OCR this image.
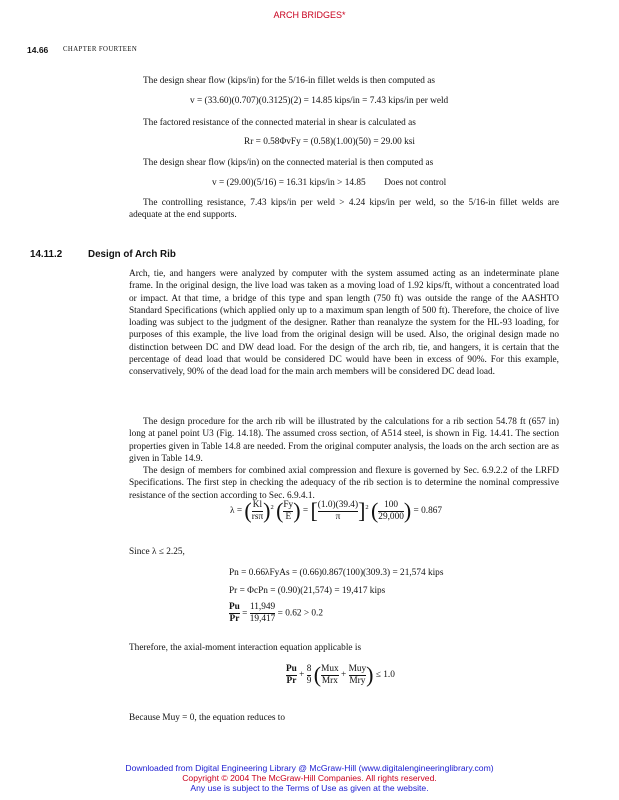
ARCH BRIDGES*
14.66 CHAPTER FOURTEEN
The design shear flow (kips/in) for the 5/16-in fillet welds is then computed as
v = (33.60)(0.707)(0.3125)(2) = 14.85 kips/in = 7.43 kips/in per weld
The factored resistance of the connected material in shear is calculated as
Rr = 0.58ΦvFy = (0.58)(1.00)(50) = 29.00 ksi
The design shear flow (kips/in) on the connected material is then computed as
v = (29.00)(5/16) = 16.31 kips/in > 14.85        Does not control
The controlling resistance, 7.43 kips/in per weld > 4.24 kips/in per weld, so the 5/16-in fillet welds are adequate at the end supports.
14.11.2	Design of Arch Rib
Arch, tie, and hangers were analyzed by computer with the system assumed acting as an indeterminate plane frame. In the original design, the live load was taken as a moving load of 1.92 kips/ft, without a concentrated load or impact. At that time, a bridge of this type and span length (750 ft) was outside the range of the AASHTO Standard Specifications (which applied only up to a maximum span length of 500 ft). Therefore, the choice of live loading was subject to the judgment of the designer. Rather than reanalyze the system for the HL-93 loading, for purposes of this example, the live load from the original design will be used. Also, the original design made no distinction between DC and DW dead load. For the design of the arch rib, tie, and hangers, it is certain that the percentage of dead load that would be considered DC would have been in excess of 90%. For this example, conservatively, 90% of the dead load for the main arch members will be considered DC dead load.
The design procedure for the arch rib will be illustrated by the calculations for a rib section 54.78 ft (657 in) long at panel point U3 (Fig. 14.18). The assumed cross section, of A514 steel, is shown in Fig. 14.41. The section properties given in Table 14.8 are needed. From the original computer analysis, the loads on the arch section are as given in Table 14.9.
The design of members for combined axial compression and flexure is governed by Sec. 6.9.2.2 of the LRFD Specifications. The first step in checking the adequacy of the rib section is to determine the nominal compressive resistance of the section according to Sec. 6.9.4.1.
λ = ( $\frac{Kl}{\text{rsπ}} )^2$ ( $\frac{Fy}{E}$ ) = [ $\frac{(1.0)(39.4)}{\pi} ]^2$ ( $\frac{100}{29,000}$ ) = 0.867
Since λ ≤ 2.25,
Pn = 0.66λFyAs = (0.66)0.867(100)(309.3) = 21,574 kips
Pr = ΦcPn = (0.90)(21,574) = 19,417 kips
$\frac{Pu}{Pr} = \frac{11,949}{19,417} = 0.62 > 0.2$
Therefore, the axial-moment interaction equation applicable is
$\frac{Pu}{Pr} + \frac{8}{9}$ ( $\frac{\text{Mux}}{\text{Mrx}} + \frac{\text{Muy}}{\text{Mry}}$ ) ≤ 1.0
Because Muy = 0, the equation reduces to
Downloaded from Digital Engineering Library @ McGraw-Hill (www.digitalengineeringlibrary.com)
Copyright © 2004 The McGraw-Hill Companies. All rights reserved.
Any use is subject to the Terms of Use as given at the website.
